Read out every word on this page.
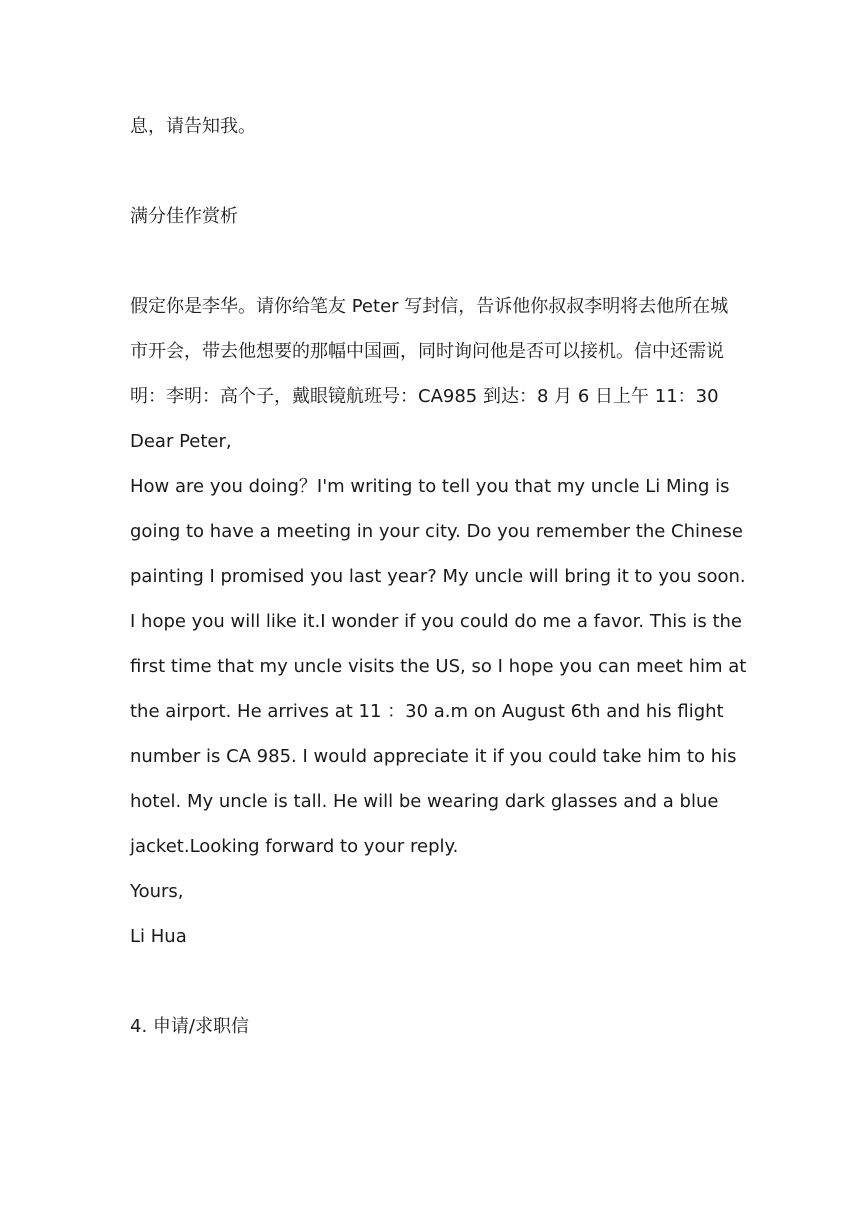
息，请告知我。
满分佳作赏析
假定你是李华。请你给笔友 Peter 写封信，告诉他你叔叔李明将去他所在城
市开会，带去他想要的那幅中国画，同时询问他是否可以接机。信中还需说
明：李明：高个子，戴眼镜航班号：CA985 到达：8 月 6 日上午 11：30
Dear Peter,
How are you doing？I'm writing to tell you that my uncle Li Ming is
going to have a meeting in your city. Do you remember the Chinese
painting I promised you last year? My uncle will bring it to you soon.
I hope you will like it.I wonder if you could do me a favor. This is the
first time that my uncle visits the US, so I hope you can meet him at
the airport. He arrives at 11 ：30 a.m on August 6th and his flight
number is CA 985. I would appreciate it if you could take him to his
hotel. My uncle is tall. He will be wearing dark glasses and a blue
jacket.Looking forward to your reply.
Yours,
Li Hua
4. 申请/求职信
